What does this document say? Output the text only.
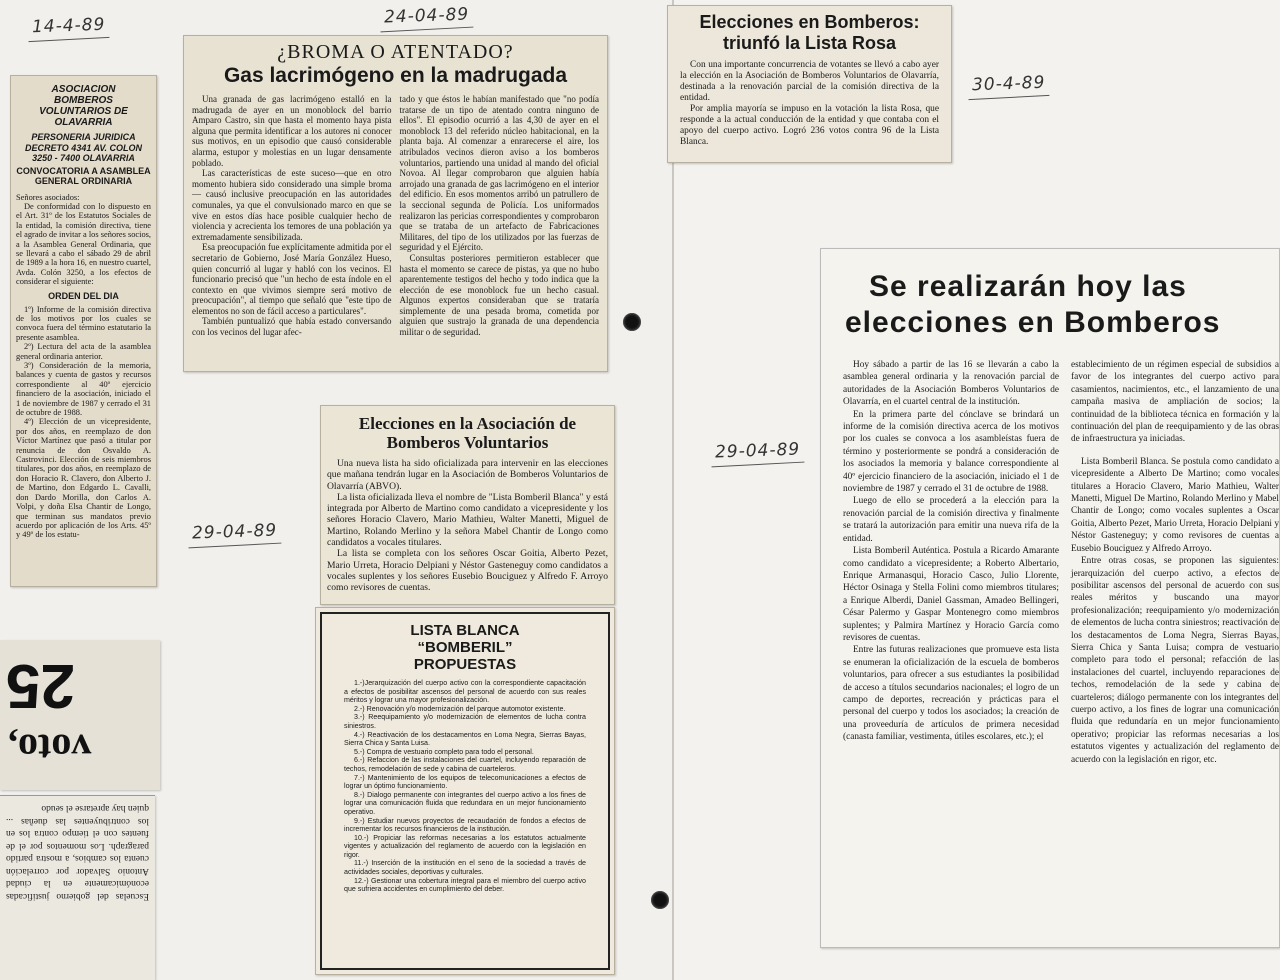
14-4-89	24-04-89
30-4-89
29-04-89
29-04-89
ASOCIACION BOMBEROS VOLUNTARIOS DE OLAVARRIA
PERSONERIA JURIDICA DECRETO 4341 AV. COLON 3250 - 7400 OLAVARRIA
CONVOCATORIA A ASAMBLEA GENERAL ORDINARIA
Señores asociados:
De conformidad con lo dispuesto en el Art. 31º de los Estatutos Sociales de la entidad, la comisión directiva, tiene el agrado de invitar a los señores socios, a la Asamblea General Ordinaria, que se llevará a cabo el sábado 29 de abril de 1989 a la hora 16, en nuestro cuartel, Avda. Colón 3250, a los efectos de considerar el siguiente:
ORDEN DEL DIA
1º) Informe de la comisión directiva de los motivos por los cuales se convoca fuera del término estatutario la presente asamblea.
2º) Lectura del acta de la asamblea general ordinaria anterior.
3º) Consideración de la memoria, balances y cuenta de gastos y recursos correspondiente al 40º ejercicio financiero de la asociación, iniciado el 1 de noviembre de 1987 y cerrado el 31 de octubre de 1988.
4º) Elección de un vicepresidente, por dos años, en reemplazo de don Víctor Martínez que pasó a titular por renuncia de don Osvaldo A. Castrovinci. Elección de seis miembros titulares, por dos años, en reemplazo de don Horacio R. Clavero, don Alberto J. de Martino, don Edgardo L. Cavalli, don Dardo Morilla, don Carlos A. Volpi, y doña Elsa Chantir de Longo, que terminan sus mandatos previo acuerdo por aplicación de los Arts. 45º y 49º de los estatu-
25
voto,
Escuelas del gobierno justificadas económicamente en la ciudad Antonio Salvador por correlación cuenta los cambios, a mostra partido paragraph. Los momentos por el de fuentes con el tiempo contra los en los contribuyentes las dueñas ... quien hay apretarse el seudo
¿BROMA O ATENTADO?
Gas lacrimógeno en la madrugada

Una granada de gas lacrimógeno estalló en la madrugada de ayer en un monoblock del barrio Amparo Castro, sin que hasta el momento haya pista alguna que permita identificar a los autores ni conocer sus motivos, en un episodio que causó considerable alarma, estupor y molestias en un lugar densamente poblado.

Las características de este suceso—que en otro momento hubiera sido considerado una simple broma— causó inclusive preocupación en las autoridades comunales, ya que el convulsionado marco en que se vive en estos días hace posible cualquier hecho de violencia y acrecienta los temores de una población ya extremadamente sensibilizada.

Esa preocupación fue explícitamente admitida por el secretario de Gobierno, José María González Hueso, quien concurrió al lugar y habló con los vecinos. El funcionario precisó que "un hecho de esta índole en el contexto en que vivimos siempre será motivo de preocupación", al tiempo que señaló que "este tipo de elementos no son de fácil acceso a particulares".

También puntualizó que había estado conversando con los vecinos del lugar afec-

tado y que éstos le habían manifestado que "no podía tratarse de un tipo de atentado contra ninguno de ellos". El episodio ocurrió a las 4,30 de ayer en el monoblock 13 del referido núcleo habitacional, en la planta baja. Al comenzar a enrarecerse el aire, los atribulados vecinos dieron aviso a los bomberos voluntarios, partiendo una unidad al mando del oficial Novoa. Al llegar comprobaron que alguien había arrojado una granada de gas lacrimógeno en el interior del edificio. En esos momentos arribó un patrullero de la seccional segunda de Policía. Los uniformados realizaron las pericias correspondientes y comprobaron que se trataba de un artefacto de Fabricaciones Militares, del tipo de los utilizados por las fuerzas de seguridad y el Ejército.

Consultas posteriores permitieron establecer que hasta el momento se carece de pistas, ya que no hubo aparentemente testigos del hecho y todo indica que la elección de ese monoblock fue un hecho casual. Algunos expertos consideraban que se trataría simplemente de una pesada broma, cometida por alguien que sustrajo la granada de una dependencia militar o de seguridad.

Elecciones en Bomberos:
triunfó la Lista Rosa
Con una importante concurrencia de votantes se llevó a cabo ayer la elección en la Asociación de Bomberos Voluntarios de Olavarría, destinada a la renovación parcial de la comisión directiva de la entidad.
Por amplia mayoría se impuso en la votación la lista Rosa, que responde a la actual conducción de la entidad y que contaba con el apoyo del cuerpo activo. Logró 236 votos contra 96 de la Lista Blanca.
Elecciones en la Asociación de Bomberos Voluntarios

Una nueva lista ha sido oficializada para intervenir en las elecciones que mañana tendrán lugar en la Asociación de Bomberos Voluntarios de Olavarría (ABVO).

La lista oficializada lleva el nombre de "Lista Bomberil Blanca" y está integrada por Alberto de Martino como candidato a vicepresidente y los señores Horacio Clavero, Mario Mathieu, Walter Manetti, Miguel de Martino, Rolando Merlino y la señora Mabel Chantir de Longo como candidatos a vocales titulares.

La lista se completa con los señores Oscar Goitia, Alberto Pezet, Mario Urreta, Horacio Delpiani y Néstor Gasteneguy como candidatos a vocales suplentes y los señores Eusebio Bouciguez y Alfredo F. Arroyo como revisores de cuentas.

LISTA BLANCA
“BOMBERIL”
PROPUESTAS

1.-)Jerarquización del cuerpo activo con la correspondiente capacitación a efectos de posibilitar ascensos del personal de acuerdo con sus reales méritos y lograr una mayor profesionalización.

2.-) Renovación y/o modernización del parque automotor existente.

3.-) Reequipamiento y/o modernización de elementos de lucha contra siniestros.

4.-) Reactivación de los destacamentos en Loma Negra, Sierras Bayas, Sierra Chica y Santa Luisa.

5.-) Compra de vestuario completo para todo el personal.

6.-) Refaccion de las instalaciones del cuartel, incluyendo reparación de techos, remodelación de sede y cabina de cuarteleros.

7.-) Mantenimiento de los equipos de telecomunicaciones a efectos de lograr un óptimo funcionamiento.

8.-) Dialogo permanente con integrantes del cuerpo activo a los fines de lograr una comunicación fluida que redundara en un mejor funcionamiento operativo.

9.-) Estudiar nuevos proyectos de recaudación de fondos a efectos de incrementar los recursos financieros de la institución.

10.-) Propiciar las reformas necesarias a los estatutos actualmente vigentes y actualización del reglamento de acuerdo con la legislación en rigor.

11.-) Inserción de la institución en el seno de la sociedad a través de actividades sociales, deportivas y culturales.

12.-) Gestionar una cobertura integral para el miembro del cuerpo activo que sufriera accidentes en cumplimiento del deber.

Se realizarán hoy las
elecciones en Bomberos

Hoy sábado a partir de las 16 se llevarán a cabo la asamblea general ordinaria y la renovación parcial de autoridades de la Asociación Bomberos Voluntarios de Olavarría, en el cuartel central de la institución.

En la primera parte del cónclave se brindará un informe de la comisión directiva acerca de los motivos por los cuales se convoca a los asambleístas fuera de término y posteriormente se pondrá a consideración de los asociados la memoria y balance correspondiente al 40º ejercicio financiero de la asociación, iniciado el 1 de noviembre de 1987 y cerrado el 31 de octubre de 1988.

Luego de ello se procederá a la elección para la renovación parcial de la comisión directiva y finalmente se tratará la autorización para emitir una nueva rifa de la entidad.

Lista Bomberil Auténtica. Postula a Ricardo Amarante como candidato a vicepresidente; a Roberto Albertario, Enrique Armanasqui, Horacio Casco, Julio Llorente, Héctor Osinaga y Stella Folini como miembros titulares; a Enrique Alberdi, Daniel Gassman, Amadeo Bellingeri, César Palermo y Gaspar Montenegro como miembros suplentes; y Palmira Martínez y Horacio García como revisores de cuentas.

Entre las futuras realizaciones que promueve esta lista se enumeran la oficialización de la escuela de bomberos voluntarios, para ofrecer a sus estudiantes la posibilidad de acceso a títulos secundarios nacionales; el logro de un campo de deportes, recreación y prácticas para el personal del cuerpo y todos los asociados; la creación de una proveeduría de artículos de primera necesidad (canasta familiar, vestimenta, útiles escolares, etc.); el

establecimiento de un régimen especial de subsidios a favor de los integrantes del cuerpo activo para casamientos, nacimientos, etc., el lanzamiento de una campaña masiva de ampliación de socios; la continuidad de la biblioteca técnica en formación y la continuación del plan de reequipamiento y de las obras de infraestructura ya iniciadas.

Lista Bomberil Blanca. Se postula como candidato a vicepresidente a Alberto De Martino; como vocales titulares a Horacio Clavero, Mario Mathieu, Walter Manetti, Miguel De Martino, Rolando Merlino y Mabel Chantir de Longo; como vocales suplentes a Oscar Goitia, Alberto Pezet, Mario Urreta, Horacio Delpiani y Néstor Gasteneguy; y como revisores de cuentas a Eusebio Bouciguez y Alfredo Arroyo.

Entre otras cosas, se proponen las siguientes: jerarquización del cuerpo activo, a efectos de posibilitar ascensos del personal de acuerdo con sus reales méritos y buscando una mayor profesionalización; reequipamiento y/o modernización de elementos de lucha contra siniestros; reactivación de los destacamentos de Loma Negra, Sierras Bayas, Sierra Chica y Santa Luisa; compra de vestuario completo para todo el personal; refacción de las instalaciones del cuartel, incluyendo reparaciones de techos, remodelación de la sede y cabina de cuarteleros; diálogo permanente con los integrantes del cuerpo activo, a los fines de lograr una comunicación fluida que redundaría en un mejor funcionamiento operativo; propiciar las reformas necesarias a los estatutos vigentes y actualización del reglamento de acuerdo con la legislación en rigor, etc.
